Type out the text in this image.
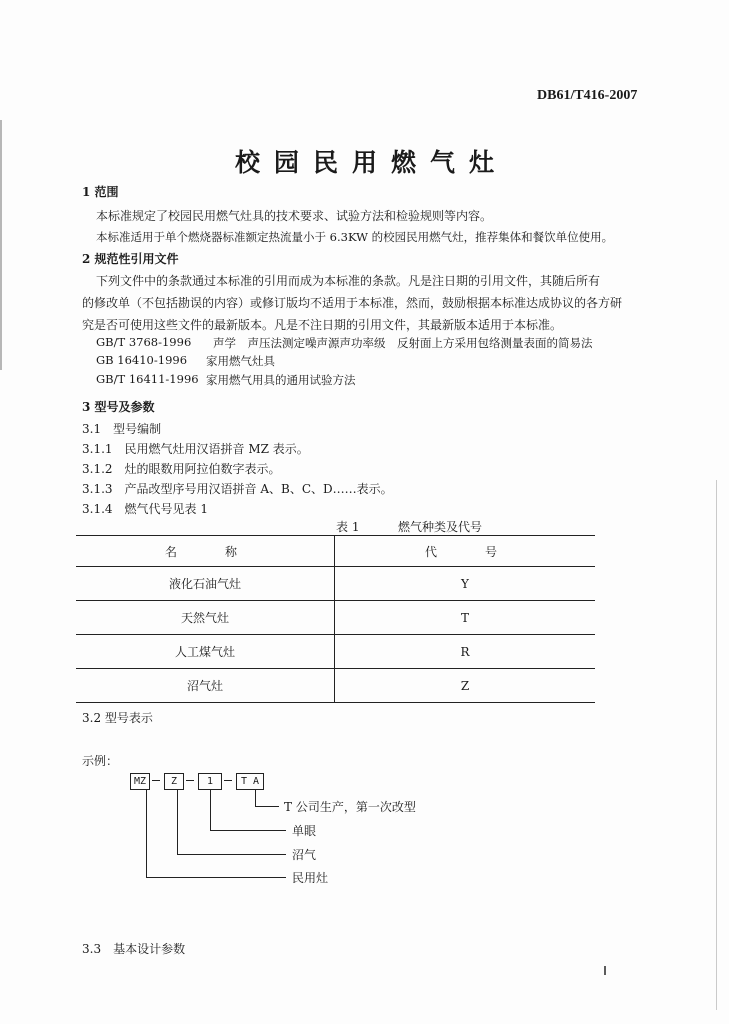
DB61/T416-2007
校园民用燃气灶
1 范围
本标准规定了校园民用燃气灶具的技术要求、试验方法和检验规则等内容。
本标准适用于单个燃烧器标准额定热流量小于 6.3KW 的校园民用燃气灶，推荐集体和餐饮单位使用。
2 规范性引用文件
下列文件中的条款通过本标准的引用而成为本标准的条款。凡是注日期的引用文件，其随后所有
的修改单（不包括勘误的内容）或修订版均不适用于本标准，然而，鼓励根据本标准达成协议的各方研
究是否可使用这些文件的最新版本。凡是不注日期的引用文件，其最新版本适用于本标准。
GB/T 3768-1996 声学　声压法测定噪声源声功率级　反射面上方采用包络测量表面的简易法
GB 16410-1996 家用燃气灶具
GB/T 16411-1996 家用燃气用具的通用试验方法
3 型号及参数
3.1　型号编制
3.1.1　民用燃气灶用汉语拼音 MZ 表示。
3.1.2　灶的眼数用阿拉伯数字表示。
3.1.3　产品改型序号用汉语拼音 A、B、C、D……表示。
3.1.4　燃气代号见表 1
表 1	燃气种类及代号
名　　称	代　　号
液化石油气灶	Y
天然气灶	T
人工煤气灶	R
沼气灶	Z
3.2 型号表示
示例：
MZ	Z	1	T A
T 公司生产，第一次改型
单眼
沼气
民用灶
3.3　基本设计参数
